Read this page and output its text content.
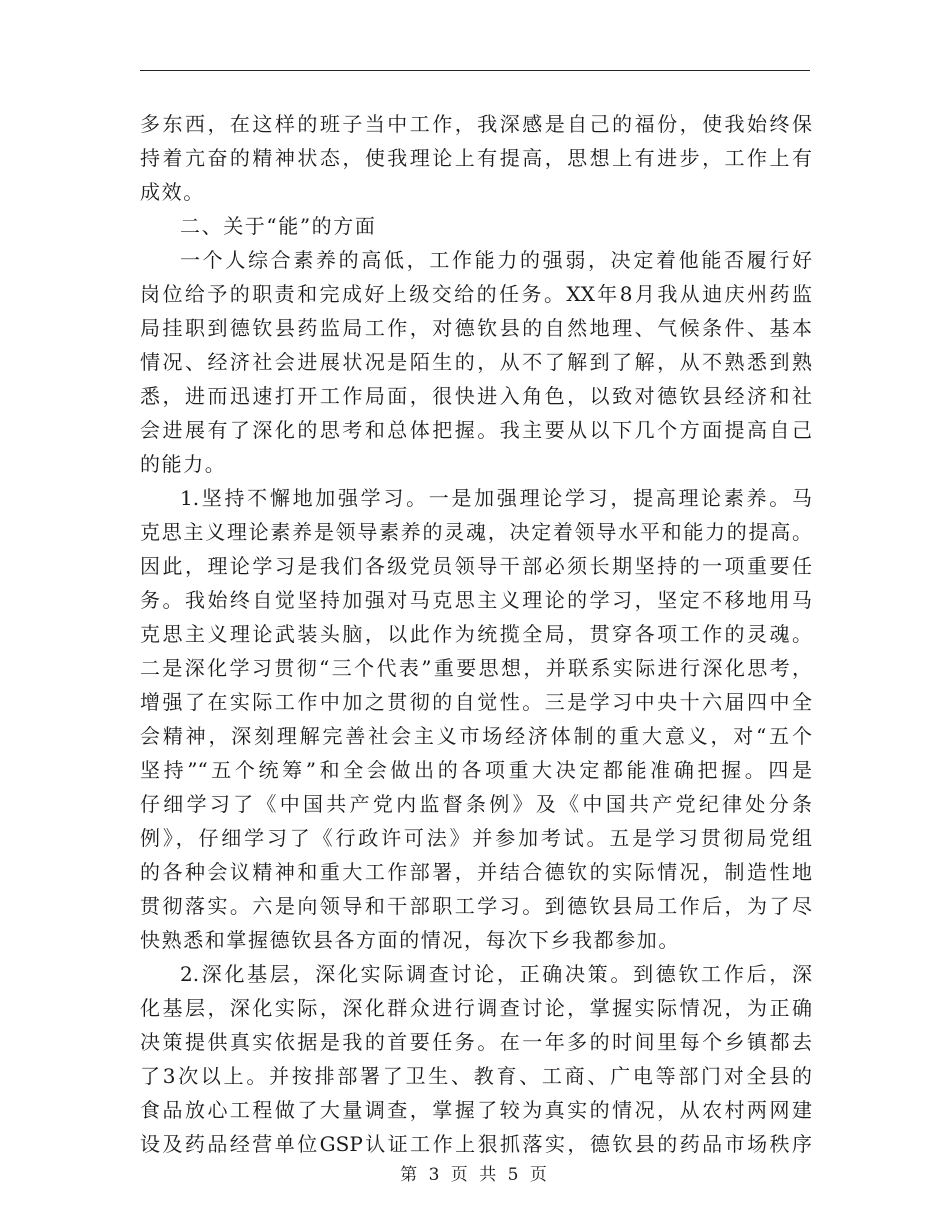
多东西，在这样的班子当中工作，我深感是自己的福份，使我始终保
持着亢奋的精神状态，使我理论上有提高，思想上有进步，工作上有
成效。
二、关于“能”的方面
一个人综合素养的高低，工作能力的强弱，决定着他能否履行好
岗位给予的职责和完成好上级交给的任务。XX年8月我从迪庆州药监
局挂职到德钦县药监局工作，对德钦县的自然地理、气候条件、基本
情况、经济社会进展状况是陌生的，从不了解到了解，从不熟悉到熟
悉，进而迅速打开工作局面，很快进入角色，以致对德钦县经济和社
会进展有了深化的思考和总体把握。我主要从以下几个方面提高自己
的能力。
1.坚持不懈地加强学习。一是加强理论学习，提高理论素养。马
克思主义理论素养是领导素养的灵魂，决定着领导水平和能力的提高。
因此，理论学习是我们各级党员领导干部必须长期坚持的一项重要任
务。我始终自觉坚持加强对马克思主义理论的学习，坚定不移地用马
克思主义理论武装头脑，以此作为统揽全局，贯穿各项工作的灵魂。
二是深化学习贯彻“三个代表”重要思想，并联系实际进行深化思考，
增强了在实际工作中加之贯彻的自觉性。三是学习中央十六届四中全
会精神，深刻理解完善社会主义市场经济体制的重大意义，对“五个
坚持”“五个统筹”和全会做出的各项重大决定都能准确把握。四是
仔细学习了《中国共产党内监督条例》及《中国共产党纪律处分条
例》，仔细学习了《行政许可法》并参加考试。五是学习贯彻局党组
的各种会议精神和重大工作部署，并结合德钦的实际情况，制造性地
贯彻落实。六是向领导和干部职工学习。到德钦县局工作后，为了尽
快熟悉和掌握德钦县各方面的情况，每次下乡我都参加。
2.深化基层，深化实际调查讨论，正确决策。到德钦工作后，深
化基层，深化实际，深化群众进行调查讨论，掌握实际情况，为正确
决策提供真实依据是我的首要任务。在一年多的时间里每个乡镇都去
了3次以上。并按排部署了卫生、教育、工商、广电等部门对全县的
食品放心工程做了大量调查，掌握了较为真实的情况，从农村两网建
设及药品经营单位GSP认证工作上狠抓落实，德钦县的药品市场秩序
第 3 页 共 5 页
